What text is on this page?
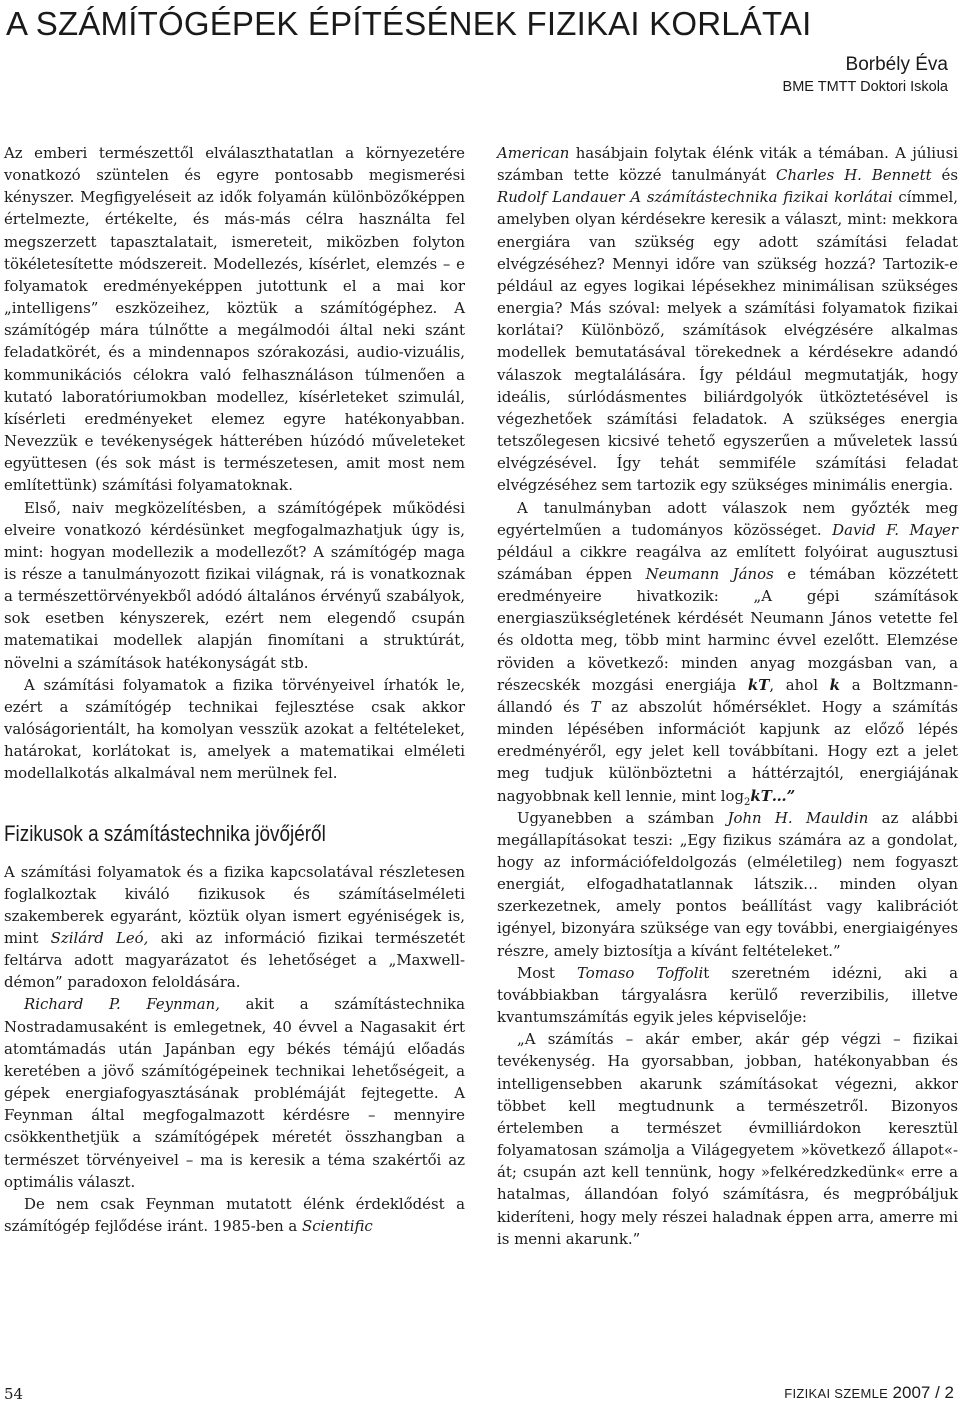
A SZÁMÍTÓGÉPEK ÉPÍTÉSÉNEK FIZIKAI KORLÁTAI
Borbély Éva
BME TMTT Doktori Iskola

Az emberi természettől elválaszthatatlan a környezetére vonatkozó szüntelen és egyre pontosabb megismerési kényszer. Megfigyeléseit az idők folyamán különbözőképpen értelmezte, értékelte, és más-más célra használta fel megszerzett tapasztalatait, ismereteit, miközben folyton tökéletesítette módszereit. Modellezés, kísérlet, elemzés – e folyamatok eredményeképpen jutottunk el a mai kor „intelligens” eszközeihez, köztük a számítógéphez. A számítógép mára túlnőtte a megálmodói által neki szánt feladatkörét, és a mindennapos szórakozási, audio-vizuális, kommunikációs célokra való felhasználáson túlmenően a kutató laboratóriumokban modellez, kísérleteket szimulál, kísérleti eredményeket elemez egyre hatékonyabban. Nevezzük e tevékenységek hátterében húzódó műveleteket együttesen (és sok mást is természetesen, amit most nem említettünk) számítási folyamatoknak.

Első, naiv megközelítésben, a számítógépek működési elveire vonatkozó kérdésünket megfogalmazhatjuk úgy is, mint: hogyan modellezik a modellezőt? A számítógép maga is része a tanulmányozott fizikai világnak, rá is vonatkoznak a természettörvényekből adódó általános érvényű szabályok, sok esetben kényszerek, ezért nem elegendő csupán matematikai modellek alapján finomítani a struktúrát, növelni a számítások hatékonyságát stb.

A számítási folyamatok a fizika törvényeivel írhatók le, ezért a számítógép technikai fejlesztése csak akkor valóságorientált, ha komolyan vesszük azokat a feltételeket, határokat, korlátokat is, amelyek a matematikai elméleti modellalkotás alkalmával nem merülnek fel.

Fizikusok a számítástechnika jövőjéről

A számítási folyamatok és a fizika kapcsolatával részletesen foglalkoztak kiváló fizikusok és számításelméleti szakemberek egyaránt, köztük olyan ismert egyéniségek is, mint Szilárd Leó, aki az információ fizikai természetét feltárva adott magyarázatot és lehetőséget a „Maxwell-démon” paradoxon feloldására.

Richard P. Feynman, akit a számítástechnika Nostradamusaként is emlegetnek, 40 évvel a Nagasakit ért atomtámadás után Japánban egy békés témájú előadás keretében a jövő számítógépeinek technikai lehetőségeit, a gépek energiafogyasztásának problémáját fejtegette. A Feynman által megfogalmazott kérdésre – mennyire csökkenthetjük a számítógépek méretét összhangban a természet törvényeivel – ma is keresik a téma szakértői az optimális választ.

De nem csak Feynman mutatott élénk érdeklődést a számítógép fejlődése iránt. 1985-ben a Scientific

American hasábjain folytak élénk viták a témában. A júliusi számban tette közzé tanulmányát Charles H. Bennett és Rudolf Landauer A számítástechnika fizikai korlátai címmel, amelyben olyan kérdésekre keresik a választ, mint: mekkora energiára van szükség egy adott számítási feladat elvégzéséhez? Mennyi időre van szükség hozzá? Tartozik-e például az egyes logikai lépésekhez minimálisan szükséges energia? Más szóval: melyek a számítási folyamatok fizikai korlátai? Különböző, számítások elvégzésére alkalmas modellek bemutatásával törekednek a kérdésekre adandó válaszok megtalálására. Így például megmutatják, hogy ideális, súrlódásmentes biliárdgolyók ütköztetésével is végezhetőek számítási feladatok. A szükséges energia tetszőlegesen kicsivé tehető egyszerűen a műveletek lassú elvégzésével. Így tehát semmiféle számítási feladat elvégzéséhez sem tartozik egy szükséges minimális energia.

A tanulmányban adott válaszok nem győzték meg egyértelműen a tudományos közösséget. David F. Mayer például a cikkre reagálva az említett folyóirat augusztusi számában éppen Neumann János e témában közzétett eredményeire hivatkozik: „A gépi számítások energiaszükségletének kérdését Neumann János vetette fel és oldotta meg, több mint harminc évvel ezelőtt. Elemzése röviden a következő: minden anyag mozgásban van, a részecskék mozgási energiája kT, ahol k a Boltzmann-állandó és T az abszolút hőmérséklet. Hogy a számítás minden lépésében információt kapjunk az előző lépés eredményéről, egy jelet kell továbbítani. Hogy ezt a jelet meg tudjuk különböztetni a háttérzajtól, energiájának nagyobbnak kell lennie, mint $\log_2kT\dots$”

Ugyanebben a számban John H. Mauldin az alábbi megállapításokat teszi: „Egy fizikus számára az a gondolat, hogy az információfeldolgozás (elméletileg) nem fogyaszt energiát, elfogadhatatlannak látszik… minden olyan szerkezetnek, amely pontos beállítást vagy kalibrációt igényel, bizonyára szüksége van egy további, energiaigényes részre, amely biztosítja a kívánt feltételeket.”

Most Tomaso Toffolit szeretném idézni, aki a továbbiakban tárgyalásra kerülő reverzibilis, illetve kvantumszámítás egyik jeles képviselője:

„A számítás – akár ember, akár gép végzi – fizikai tevékenység. Ha gyorsabban, jobban, hatékonyabban és intelligensebben akarunk számításokat végezni, akkor többet kell megtudnunk a természetről. Bizonyos értelemben a természet évmilliárdokon keresztül folyamatosan számolja a Világegyetem »következő állapot«-át; csupán azt kell tennünk, hogy »felkéredzkedünk« erre a hatalmas, állandóan folyó számításra, és megpróbáljuk kideríteni, hogy mely részei haladnak éppen arra, amerre mi is menni akarunk.”

54	FIZIKAI SZEMLE 2007 / 2
